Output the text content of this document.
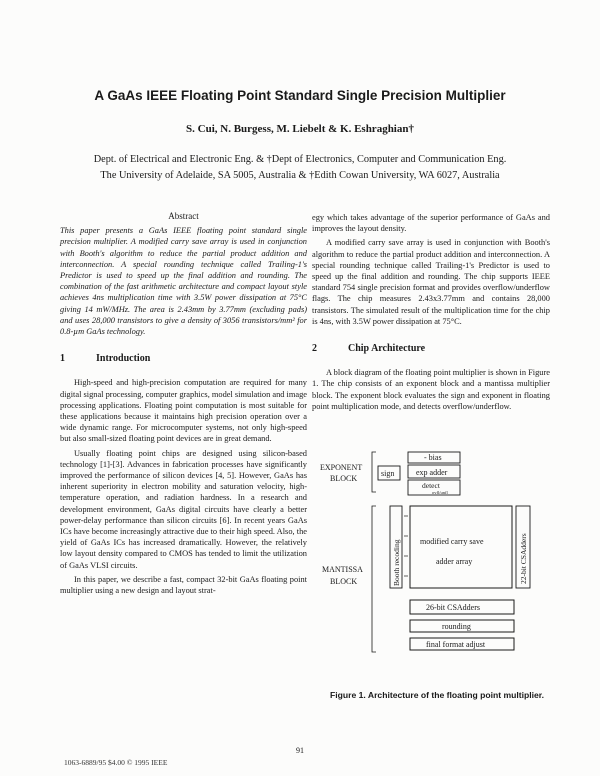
A GaAs IEEE Floating Point Standard Single Precision Multiplier
S. Cui, N. Burgess, M. Liebelt & K. Eshraghian†
Dept. of Electrical and Electronic Eng. & †Dept of Electronics, Computer and Communication Eng.
The University of Adelaide, SA 5005, Australia & †Edith Cowan University, WA 6027, Australia
Abstract

This paper presents a GaAs IEEE floating point standard single precision multiplier. A modified carry save array is used in conjunction with Booth's algorithm to reduce the partial product addition and interconnection. A special rounding technique called Trailing-1's Predictor is used to speed up the final addition and rounding. The combination of the fast arithmetic architecture and compact layout style achieves 4ns multiplication time with 3.5W power dissipation at 75°C giving 14 mW/MHz. The area is 2.43mm by 3.77mm (excluding pads) and uses 28,000 transistors to give a density of 3056 transistors/mm² for 0.8-µm GaAs technology.

1	Introduction

High-speed and high-precision computation are required for many digital signal processing, computer graphics, model simulation and image processing applications. Floating point computation is most suitable for these applications because it maintains high precision operation over a wide dynamic range. For microcomputer systems, not only high-speed but also small-sized floating point devices are in great demand.

Usually floating point chips are designed using silicon-based technology [1]-[3]. Advances in fabrication processes have significantly improved the performance of silicon devices [4, 5]. However, GaAs has inherent superiority in electron mobility and saturation velocity, high-temperature operation, and radiation hardness. In a research and development environment, GaAs digital circuits have clearly a better power-delay performance than silicon circuits [6]. In recent years GaAs ICs have become increasingly attractive due to their high speed. Also, the yield of GaAs ICs has increased dramatically. However, the relatively low layout density compared to CMOS has tended to limit the utilization of GaAs VLSI circuits.

In this paper, we describe a fast, compact 32-bit GaAs floating point multiplier using a new design and layout strat-

egy which takes advantage of the superior performance of GaAs and improves the layout density.

A modified carry save array is used in conjunction with Booth's algorithm to reduce the partial product addition and interconnection. A special rounding technique called Trailing-1's Predictor is used to speed up the final addition and rounding. The chip supports IEEE standard 754 single precision format and provides overflow/underflow flags. The chip measures 2.43x3.77mm and contains 28,000 transistors. The simulated result of the multiplication time for the chip is 4ns, with 3.5W power dissipation at 75°C.

2	Chip Architecture

A block diagram of the floating point multiplier is shown in Figure 1. The chip consists of an exponent block and a mantissa multiplier block. The exponent block evaluates the sign and exponent in floating point multiplication mode, and detects overflow/underflow.

EXPONENT
BLOCK
sign
- bias
exp adder
detect
ovfl/unfl
MANTISSA
BLOCK	Booth recoding modified carry save
adder array	22-bit CSAdders
26-bit CSAdders
rounding
final format adjust
Figure 1. Architecture of the floating point multiplier.
91
1063-6889/95 $4.00 © 1995 IEEE
